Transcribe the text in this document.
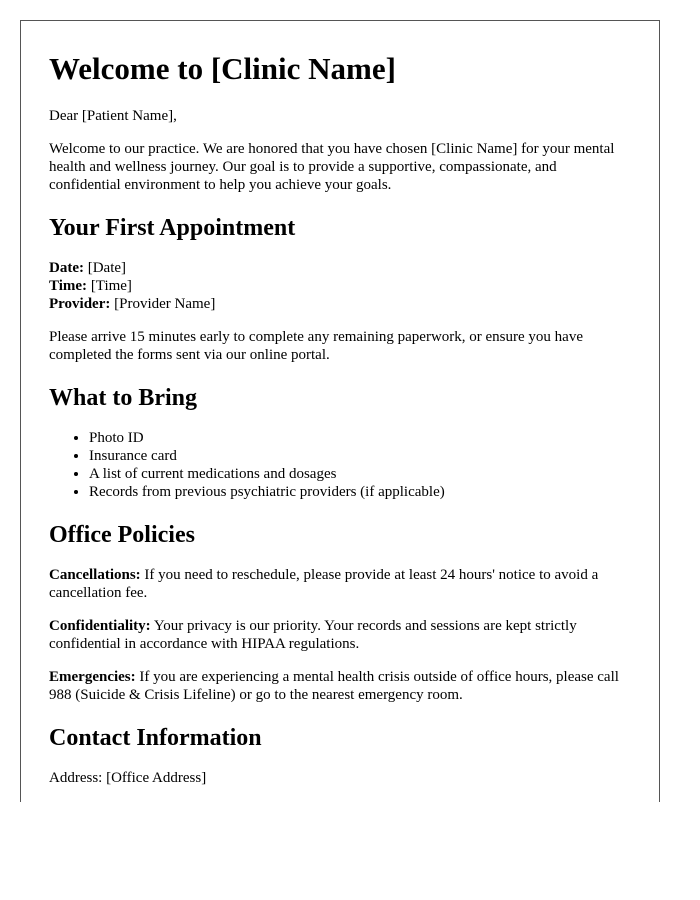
Welcome to [Clinic Name]

Dear [Patient Name],

Welcome to our practice. We are honored that you have chosen [Clinic Name] for your mental health and wellness journey. Our goal is to provide a supportive, compassionate, and confidential environment to help you achieve your goals.

Your First Appointment
Date: [Date]
Time: [Time]
Provider: [Provider Name]

Please arrive 15 minutes early to complete any remaining paperwork, or ensure you have completed the forms sent via our online portal.

What to Bring
• Photo ID
• Insurance card
• A list of current medications and dosages
• Records from previous psychiatric providers (if applicable)
Office Policies

Cancellations: If you need to reschedule, please provide at least 24 hours' notice to avoid a cancellation fee.

Confidentiality: Your privacy is our priority. Your records and sessions are kept strictly confidential in accordance with HIPAA regulations.

Emergencies: If you are experiencing a mental health crisis outside of office hours, please call 988 (Suicide & Crisis Lifeline) or go to the nearest emergency room.

Contact Information

Address: [Office Address]
